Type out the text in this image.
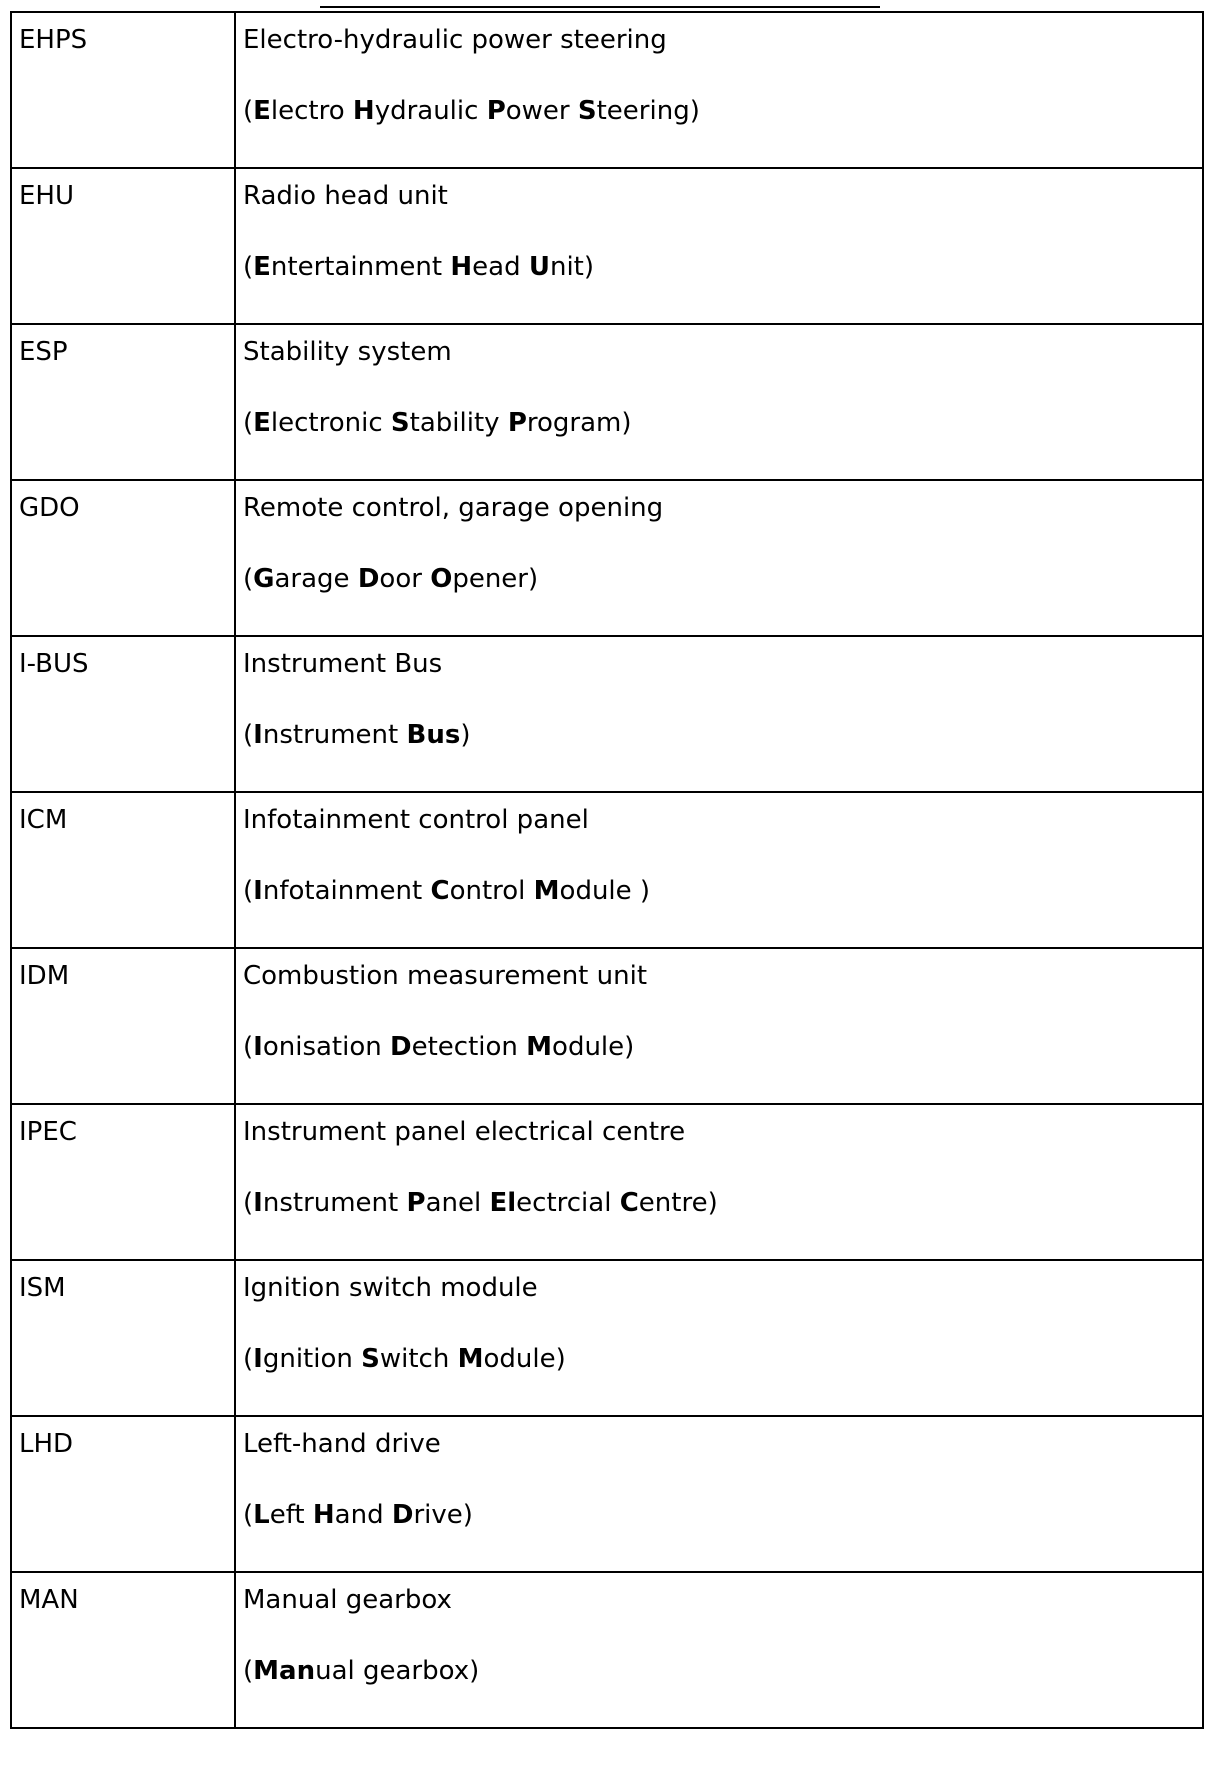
EHPS	Electro-hydraulic power steering
(Electro Hydraulic Power Steering)

EHU	Radio head unit
(Entertainment Head Unit)

ESP	Stability system
(Electronic Stability Program)

GDO	Remote control, garage opening
(Garage Door Opener)

I-BUS	Instrument Bus
(Instrument Bus)

ICM	Infotainment control panel
(Infotainment Control Module )

IDM	Combustion measurement unit
(Ionisation Detection Module)

IPEC	Instrument panel electrical centre
(Instrument Panel Electrcial Centre)

ISM	Ignition switch module
(Ignition Switch Module)

LHD	Left-hand drive
(Left Hand Drive)

MAN	Manual gearbox
(Manual gearbox)
